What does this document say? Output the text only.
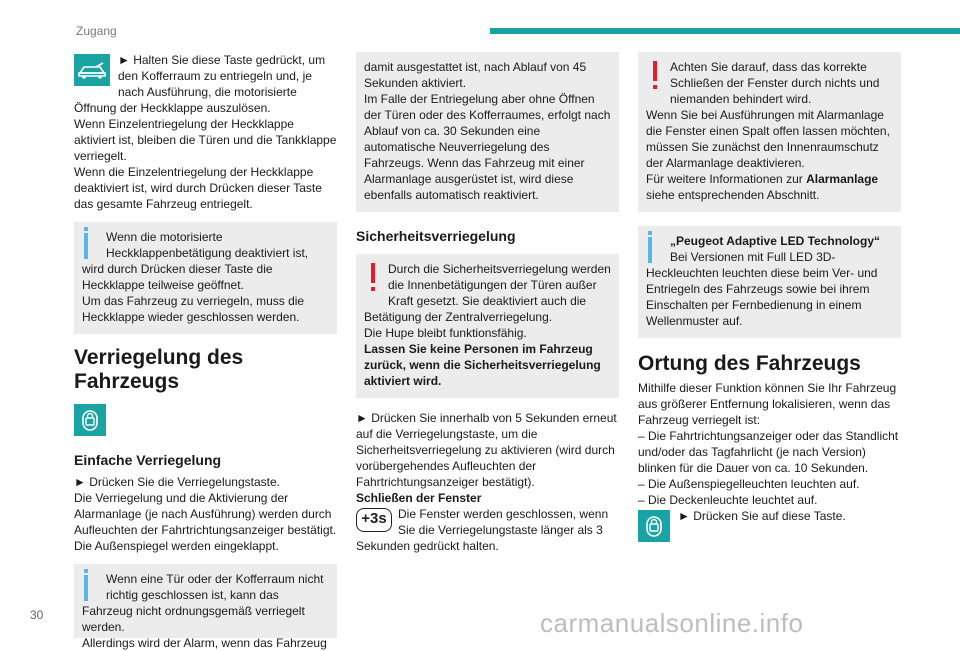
Zugang

► Halten Sie diese Taste gedrückt, um den Kofferraum zu entriegeln und, je nach Ausführung, die motorisierte Öffnung der Heckklappe auszulösen.

Wenn Einzelentriegelung der Heckklappe aktiviert ist, bleiben die Türen und die Tankklappe verriegelt.

Wenn die Einzelentriegelung der Heckklappe deaktiviert ist, wird durch Drücken dieser Taste das gesamte Fahrzeug entriegelt.

Wenn die motorisierte Heckklappenbetätigung deaktiviert ist, wird durch Drücken dieser Taste die Heckklappe teilweise geöffnet.
Um das Fahrzeug zu verriegeln, muss die Heckklappe wieder geschlossen werden.
Verriegelung des Fahrzeugs
Einfache Verriegelung

► Drücken Sie die Verriegelungstaste.

Die Verriegelung und die Aktivierung der Alarmanlage (je nach Ausführung) werden durch Aufleuchten der Fahrtrichtungsanzeiger bestätigt.

Die Außenspiegel werden eingeklappt.

Wenn eine Tür oder der Kofferraum nicht richtig geschlossen ist, kann das Fahrzeug nicht ordnungsgemäß verriegelt werden.
Allerdings wird der Alarm, wenn das Fahrzeug
damit ausgestattet ist, nach Ablauf von 45 Sekunden aktiviert.
Im Falle der Entriegelung aber ohne Öffnen der Türen oder des Kofferraumes, erfolgt nach Ablauf von ca. 30 Sekunden eine automatische Neuverriegelung des Fahrzeugs. Wenn das Fahrzeug mit einer Alarmanlage ausgerüstet ist, wird diese ebenfalls automatisch reaktiviert.
Sicherheitsverriegelung
Durch die Sicherheitsverriegelung werden die Innenbetätigungen der Türen außer Kraft gesetzt. Sie deaktiviert auch die Betätigung der Zentralverriegelung.
Die Hupe bleibt funktionsfähig.
Lassen Sie keine Personen im Fahrzeug zurück, wenn die Sicherheitsverriegelung aktiviert wird.

► Drücken Sie innerhalb von 5 Sekunden erneut auf die Verriegelungstaste, um die Sicherheitsverriegelung zu aktivieren (wird durch vorübergehendes Aufleuchten der Fahrtrichtungsanzeiger bestätigt).

Schließen der Fenster

+3s Die Fenster werden geschlossen, wenn Sie die Verriegelungstaste länger als 3 Sekunden gedrückt halten.

Achten Sie darauf, dass das korrekte Schließen der Fenster durch nichts und niemanden behindert wird.
Wenn Sie bei Ausführungen mit Alarmanlage die Fenster einen Spalt offen lassen möchten, müssen Sie zunächst den Innenraumschutz der Alarmanlage deaktivieren.
Für weitere Informationen zur Alarmanlage siehe entsprechenden Abschnitt.
„Peugeot Adaptive LED Technology“
Bei Versionen mit Full LED 3D-Heckleuchten leuchten diese beim Ver- und Entriegeln des Fahrzeugs sowie bei ihrem Einschalten per Fernbedienung in einem Wellenmuster auf.
Ortung des Fahrzeugs

Mithilfe dieser Funktion können Sie Ihr Fahrzeug aus größerer Entfernung lokalisieren, wenn das Fahrzeug verriegelt ist:

– Die Fahrtrichtungsanzeiger oder das Standlicht und/oder das Tagfahrlicht (je nach Version) blinken für die Dauer von ca. 10 Sekunden.

– Die Außenspiegelleuchten leuchten auf.

– Die Deckenleuchte leuchtet auf.

► Drücken Sie auf diese Taste.

30	carmanualsonline.info
